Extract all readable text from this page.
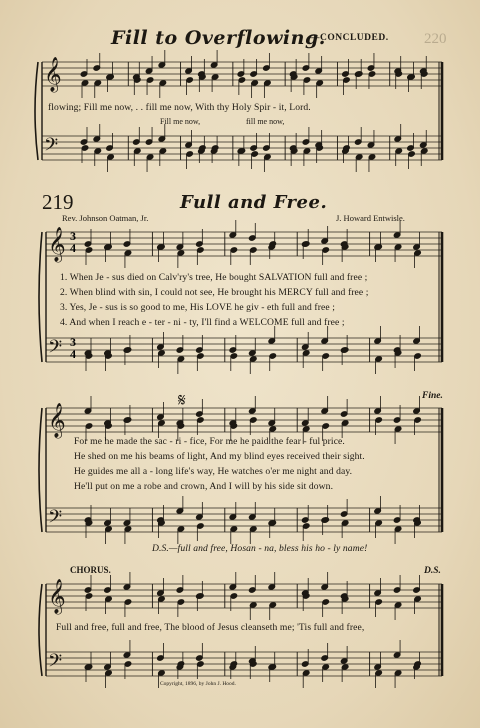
𝄞
𝄢
𝄞
𝄢
𝄞
𝄢
𝄞
𝄢
3
3
4
4
220
Fill to Overflowing.
—CONCLUDED.
flowing; Fill me now, . . fill me now, With thy Holy Spir - it, Lord.
Fill me now,	fill me now,
219	Full and Free.
Rev. Johnson Oatman, Jr.	J. Howard Entwisle.
1. When Je - sus died on Calv'ry's tree, He bought SALVATION full and free ;
2. When blind with sin, I could not see, He brought his MERCY full and free ;
3. Yes, Je - sus is so good to me, His LOVE he giv - eth full and free ;
4. And when I reach e - ter - ni - ty, I'll find a WELCOME full and free ;
𝄋	Fine.
For me he made the sac - ri - fice, For me he paid the fear - ful price.
He shed on me his beams of light, And my blind eyes received their sight.
He guides me all a - long life's way, He watches o'er me night and day.
He'll put on me a robe and crown, And I will by his side sit down.
D.S.—full and free, Hosan - na, bless his ho - ly name!
CHORUS.	D.S.
Full and free, full and free, The blood of Jesus cleanseth me; 'Tis full and free,
Copyright, 1896, by John J. Hood.
